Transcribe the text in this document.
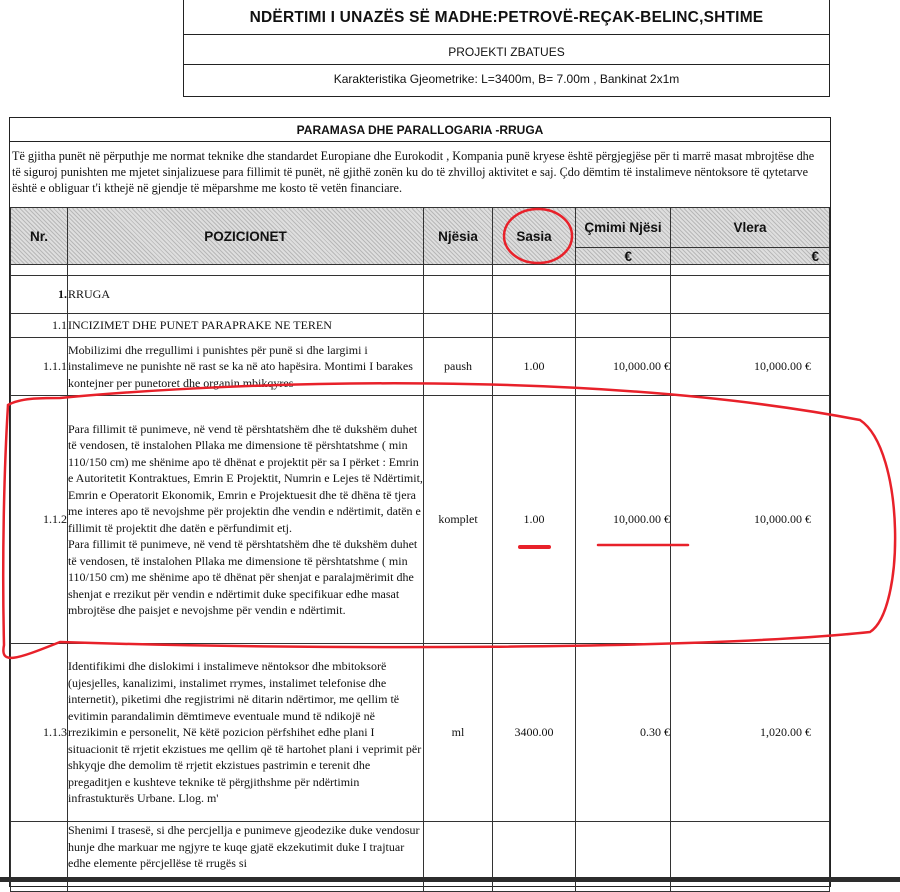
NDËRTIMI I UNAZËS SË MADHE:PETROVË-REÇAK-BELINC,SHTIME
PROJEKTI ZBATUES
Karakteristika Gjeometrike: L=3400m, B= 7.00m , Bankinat 2x1m
PARAMASA DHE PARALLOGARIA -RRUGA
Të gjitha punët në përputhje me normat teknike dhe standardet Europiane dhe Eurokodit , Kompania punë kryese është përgjegjëse për ti marrë masat mbrojtëse dhe të siguroj punishten me mjetet sinjalizuese para fillimit të punët, në gjithë zonën ku do të zhvilloj aktivitet e saj. Çdo dëmtim të instalimeve nëntoksore të qytetarve është e obliguar t'i kthejë në gjendje të mëparshme me kosto të vetën financiare.
Nr.	POZICIONET	Njësia	Sasia	Çmimi Njësi	Vlera
				€	€

1.	RRUGA				
1.1	INCIZIMET DHE PUNET PARAPRAKE NE TEREN				
1.1.1	Mobilizimi dhe rregullimi i punishtes për punë si dhe largimi i instalimeve ne punishte në rast se ka në ato hapësira. Montimi I barakes kontejner per punetoret dhe organin mbikqyres	paush	1.00	10,000.00 €	10,000.00 €
1.1.2	Para fillimit të punimeve, në vend të përshtatshëm dhe të dukshëm duhet të vendosen, të instalohen Pllaka me dimensione të përshtatshme ( min 110/150 cm) me shënime apo të dhënat e projektit për sa I përket : Emrin e Autoritetit Kontraktues, Emrin E Projektit, Numrin e Lejes të Ndërtimit, Emrin e Operatorit Ekonomik, Emrin e Projektuesit dhe të dhëna të tjera me interes apo të nevojshme për projektin dhe vendin e ndërtimit, datën e fillimit të projektit dhe datën e përfundimit etj.

Para fillimit të punimeve, në vend të përshtatshëm dhe të dukshëm duhet të vendosen, të instalohen Pllaka me dimensione të përshtatshme ( min 110/150 cm) me shënime apo të dhënat për shenjat e paralajmërimit dhe shenjat e rrezikut për vendin e ndërtimit duke specifikuar edhe masat mbrojtëse dhe paisjet e nevojshme për vendin e ndërtimit.	komplet	1.00	10,000.00 €	10,000.00 €
1.1.3	Identifikimi dhe dislokimi i instalimeve nëntoksor dhe mbitoksorë (ujesjelles, kanalizimi, instalimet rrymes, instalimet telefonise dhe internetit), piketimi dhe regjistrimi në ditarin ndërtimor, me qellim të evitimin parandalimin dëmtimeve eventuale mund të ndikojë në rrezikimin e personelit, Në këtë pozicion përfshihet edhe plani I situacionit të rrjetit ekzistues me qellim që të hartohet plani i veprimit për shkyqje dhe demolim të rrjetit ekzistues pastrimin e terenit dhe pregaditjen e kushteve teknike të përgjithshme për ndërtimin infrastukturës Urbane. Llog. m'	ml	3400.00	0.30 €	1,020.00 €
	Shenimi I trasesë, si dhe percjellja e punimeve gjeodezike duke vendosur hunje dhe markuar me ngjyre te kuqe gjatë ekzekutimit duke I trajtuar edhe elemente përcjellëse të rrugës si				
